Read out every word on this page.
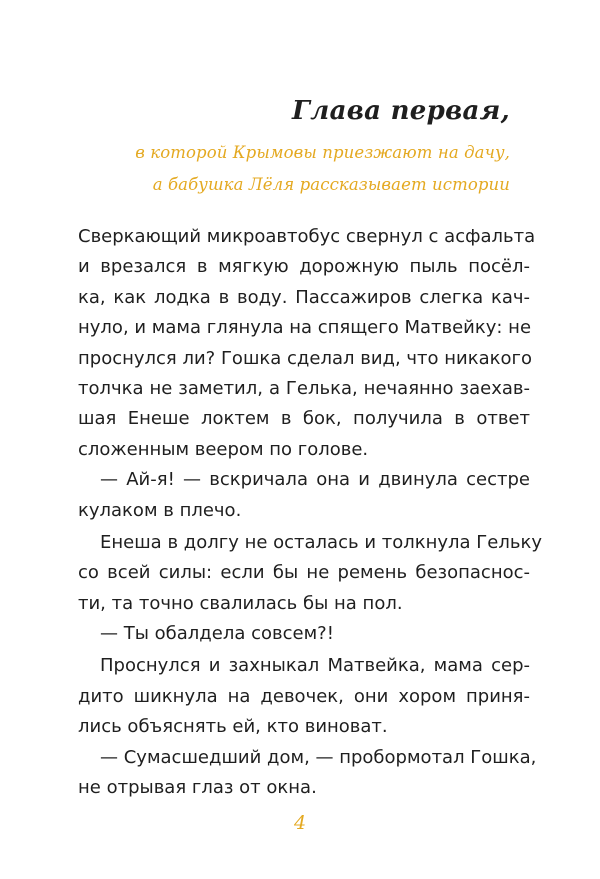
Глава первая,
в которой Крымовы приезжают на дачу,
а бабушка Лёля рассказывает истории
Сверкающий микроавтобус свернул с асфальта
и врезался в мягкую дорожную пыль посёл-
ка, как лодка в воду. Пассажиров слегка кач-
нуло, и мама глянула на спящего Матвейку: не
проснулся ли? Гошка сделал вид, что никакого
толчка не заметил, а Гелька, нечаянно заехав-
шая Енеше локтем в бок, получила в ответ
сложенным веером по голове.
— Ай-я! — вскричала она и двинула сестре
кулаком в плечо.
Енеша в долгу не осталась и толкнула Гельку
со всей силы: если бы не ремень безопаснос-
ти, та точно свалилась бы на пол.
— Ты обалдела совсем?!
Проснулся и захныкал Матвейка, мама сер-
дито шикнула на девочек, они хором приня-
лись объяснять ей, кто виноват.
— Сумасшедший дом, — пробормотал Гошка,
не отрывая глаз от окна.
4
